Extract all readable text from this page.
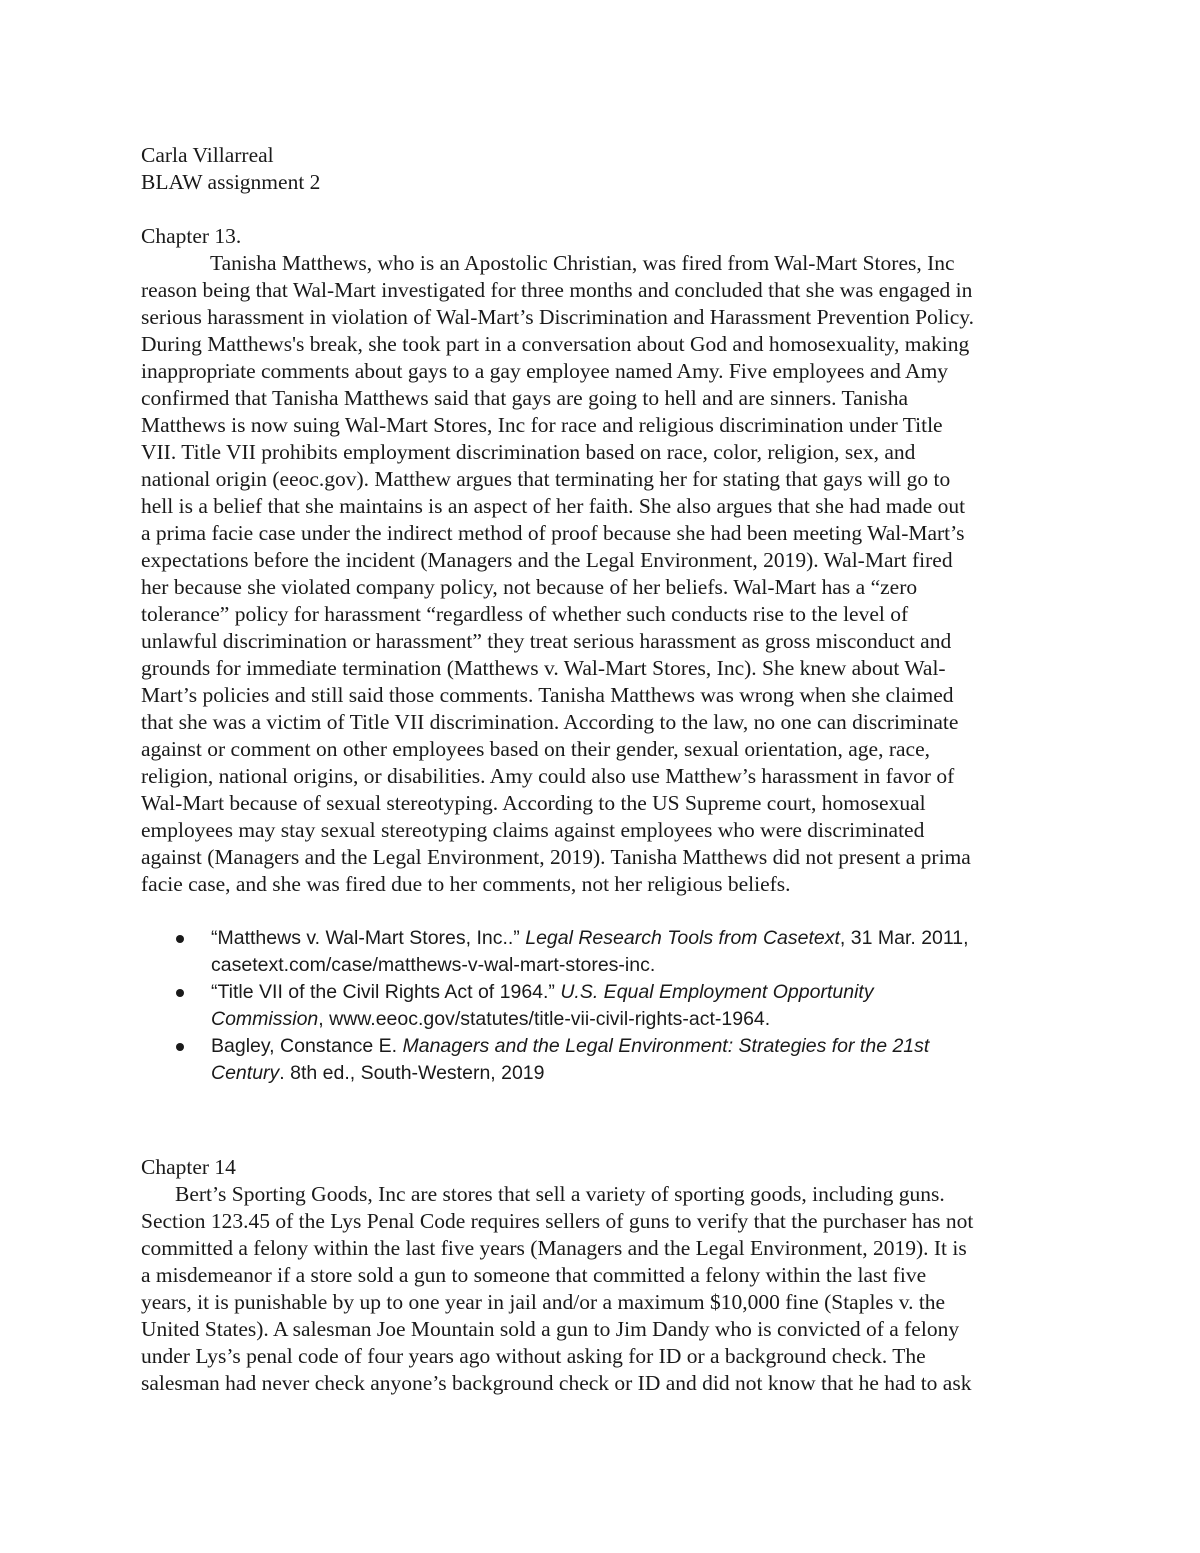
Carla Villarreal
BLAW assignment 2
Chapter 13.
Tanisha Matthews, who is an Apostolic Christian, was fired from Wal-Mart Stores, Inc
reason being that Wal-Mart investigated for three months and concluded that she was engaged in
serious harassment in violation of Wal-Mart’s Discrimination and Harassment Prevention Policy.
During Matthews's break, she took part in a conversation about God and homosexuality, making
inappropriate comments about gays to a gay employee named Amy. Five employees and Amy
confirmed that Tanisha Matthews said that gays are going to hell and are sinners. Tanisha
Matthews is now suing Wal-Mart Stores, Inc for race and religious discrimination under Title
VII. Title VII prohibits employment discrimination based on race, color, religion, sex, and
national origin (eeoc.gov). Matthew argues that terminating her for stating that gays will go to
hell is a belief that she maintains is an aspect of her faith. She also argues that she had made out
a prima facie case under the indirect method of proof because she had been meeting Wal-Mart’s
expectations before the incident (Managers and the Legal Environment, 2019). Wal-Mart fired
her because she violated company policy, not because of her beliefs. Wal-Mart has a “zero
tolerance” policy for harassment “regardless of whether such conducts rise to the level of
unlawful discrimination or harassment” they treat serious harassment as gross misconduct and
grounds for immediate termination (Matthews v. Wal-Mart Stores, Inc). She knew about Wal-
Mart’s policies and still said those comments. Tanisha Matthews was wrong when she claimed
that she was a victim of Title VII discrimination. According to the law, no one can discriminate
against or comment on other employees based on their gender, sexual orientation, age, race,
religion, national origins, or disabilities. Amy could also use Matthew’s harassment in favor of
Wal-Mart because of sexual stereotyping. According to the US Supreme court, homosexual
employees may stay sexual stereotyping claims against employees who were discriminated
against (Managers and the Legal Environment, 2019). Tanisha Matthews did not present a prima
facie case, and she was fired due to her comments, not her religious beliefs.
“Matthews v. Wal-Mart Stores, Inc..” Legal Research Tools from Casetext, 31 Mar. 2011,
casetext.com/case/matthews-v-wal-mart-stores-inc.
“Title VII of the Civil Rights Act of 1964.” U.S. Equal Employment Opportunity
Commission, www.eeoc.gov/statutes/title-vii-civil-rights-act-1964.
Bagley, Constance E. Managers and the Legal Environment: Strategies for the 21st
Century. 8th ed., South-Western, 2019
Chapter 14
Bert’s Sporting Goods, Inc are stores that sell a variety of sporting goods, including guns.
Section 123.45 of the Lys Penal Code requires sellers of guns to verify that the purchaser has not
committed a felony within the last five years (Managers and the Legal Environment, 2019). It is
a misdemeanor if a store sold a gun to someone that committed a felony within the last five
years, it is punishable by up to one year in jail and/or a maximum $10,000 fine (Staples v. the
United States). A salesman Joe Mountain sold a gun to Jim Dandy who is convicted of a felony
under Lys’s penal code of four years ago without asking for ID or a background check. The
salesman had never check anyone’s background check or ID and did not know that he had to ask
